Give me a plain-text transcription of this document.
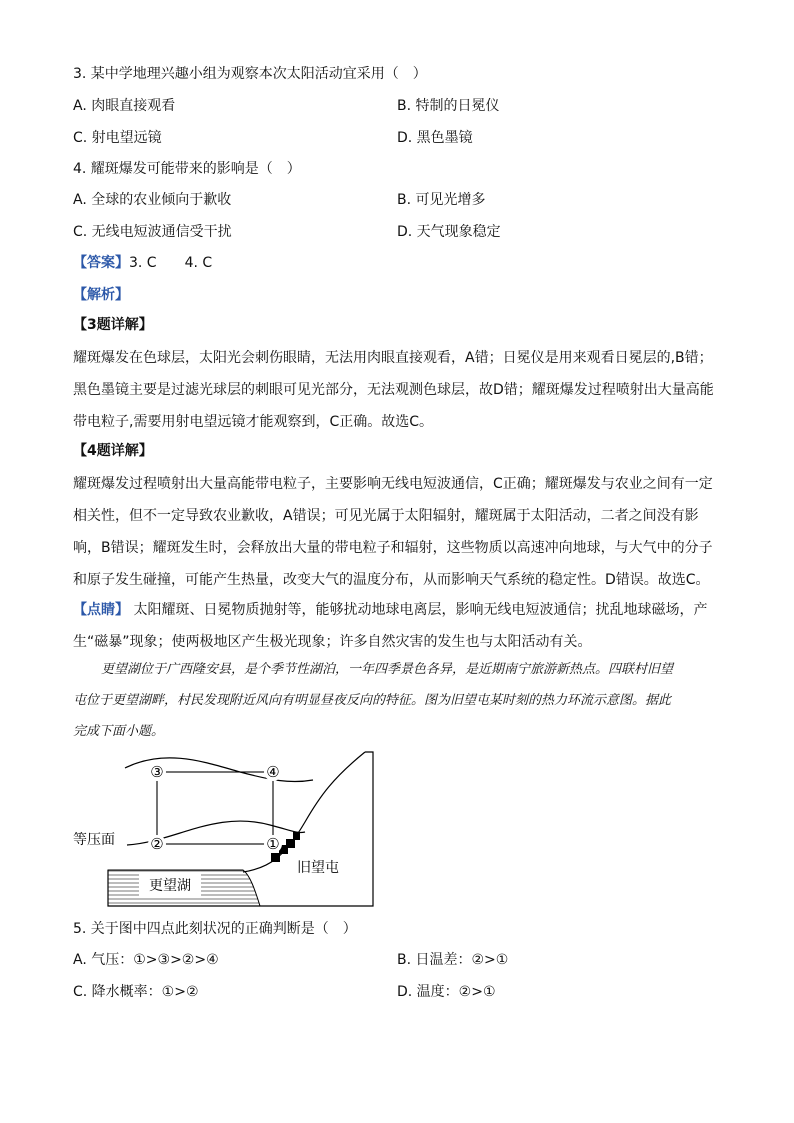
3. 某中学地理兴趣小组为观察本次太阳活动宜采用（　）
A. 肉眼直接观看	B. 特制的日冕仪
C. 射电望远镜	D. 黑色墨镜
4. 耀斑爆发可能带来的影响是（　）
A. 全球的农业倾向于歉收	B. 可见光增多
C. 无线电短波通信受干扰	D. 天气现象稳定
【答案】3. C　　4. C
【解析】
【3题详解】
耀斑爆发在色球层，太阳光会刺伤眼睛，无法用肉眼直接观看，A错；日冕仪是用来观看日冕层的,B错；
黑色墨镜主要是过滤光球层的刺眼可见光部分，无法观测色球层，故D错；耀斑爆发过程喷射出大量高能
带电粒子,需要用射电望远镜才能观察到，C正确。故选C。
【4题详解】
耀斑爆发过程喷射出大量高能带电粒子，主要影响无线电短波通信，C正确；耀斑爆发与农业之间有一定
相关性，但不一定导致农业歉收，A错误；可见光属于太阳辐射，耀斑属于太阳活动，二者之间没有影
响，B错误；耀斑发生时，会释放出大量的带电粒子和辐射，这些物质以高速冲向地球，与大气中的分子
和原子发生碰撞，可能产生热量，改变大气的温度分布，从而影响天气系统的稳定性。D错误。故选C。
【点睛】 太阳耀斑、日冕物质抛射等，能够扰动地球电离层，影响无线电短波通信；扰乱地球磁场，产
生“磁暴”现象；使两极地区产生极光现象；许多自然灾害的发生也与太阳活动有关。
更望湖位于广西隆安县，是个季节性湖泊，一年四季景色各异，是近期南宁旅游新热点。四联村旧望
屯位于更望湖畔，村民发现附近风向有明显昼夜反向的特征。图为旧望屯某时刻的热力环流示意图。据此
完成下面小题。
③	④
②	①
等压面
更望湖
旧望屯
5. 关于图中四点此刻状况的正确判断是（　）
A. 气压：①>③>②>④	B. 日温差：②>①
C. 降水概率：①>②	D. 温度：②>①
